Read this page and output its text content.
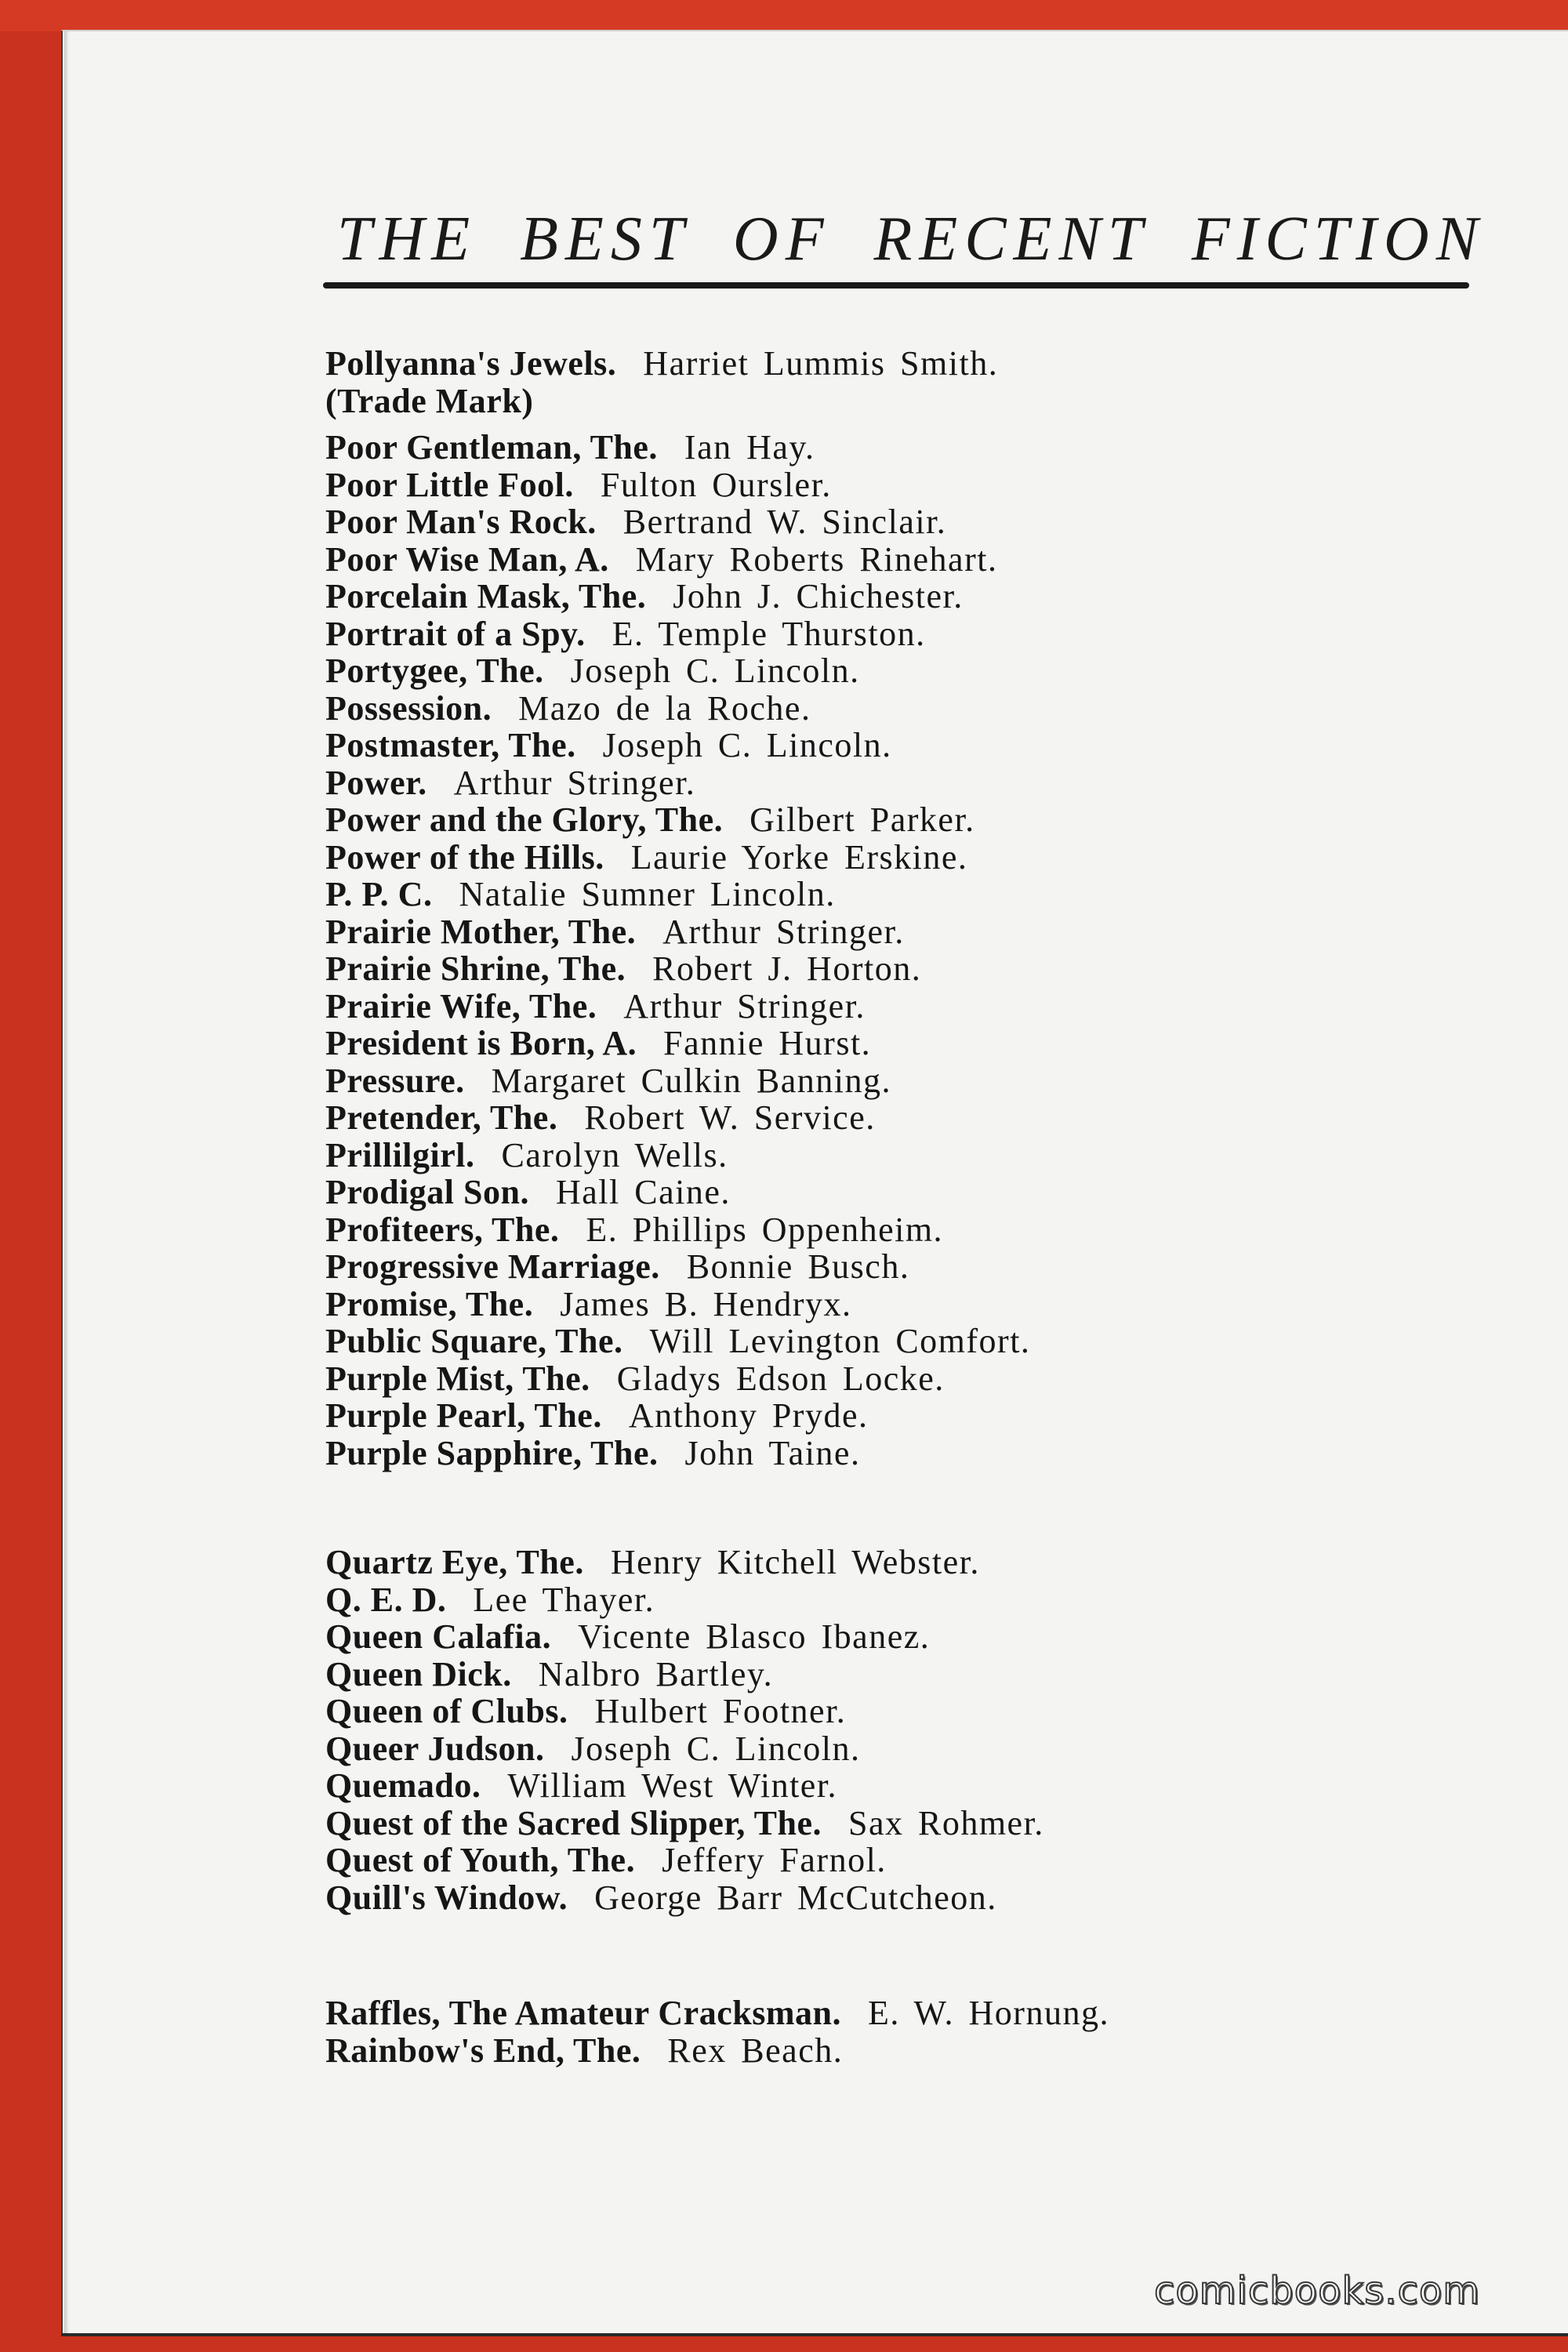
THE BEST OF RECENT FICTION
Pollyanna's Jewels. Harriet Lummis Smith.
(Trade Mark)
Poor Gentleman, The. Ian Hay.
Poor Little Fool. Fulton Oursler.
Poor Man's Rock. Bertrand W. Sinclair.
Poor Wise Man, A. Mary Roberts Rinehart.
Porcelain Mask, The. John J. Chichester.
Portrait of a Spy. E. Temple Thurston.
Portygee, The. Joseph C. Lincoln.
Possession. Mazo de la Roche.
Postmaster, The. Joseph C. Lincoln.
Power. Arthur Stringer.
Power and the Glory, The. Gilbert Parker.
Power of the Hills. Laurie Yorke Erskine.
P. P. C. Natalie Sumner Lincoln.
Prairie Mother, The. Arthur Stringer.
Prairie Shrine, The. Robert J. Horton.
Prairie Wife, The. Arthur Stringer.
President is Born, A. Fannie Hurst.
Pressure. Margaret Culkin Banning.
Pretender, The. Robert W. Service.
Prillilgirl. Carolyn Wells.
Prodigal Son. Hall Caine.
Profiteers, The. E. Phillips Oppenheim.
Progressive Marriage. Bonnie Busch.
Promise, The. James B. Hendryx.
Public Square, The. Will Levington Comfort.
Purple Mist, The. Gladys Edson Locke.
Purple Pearl, The. Anthony Pryde.
Purple Sapphire, The. John Taine.
Quartz Eye, The. Henry Kitchell Webster.
Q. E. D. Lee Thayer.
Queen Calafia. Vicente Blasco Ibanez.
Queen Dick. Nalbro Bartley.
Queen of Clubs. Hulbert Footner.
Queer Judson. Joseph C. Lincoln.
Quemado. William West Winter.
Quest of the Sacred Slipper, The. Sax Rohmer.
Quest of Youth, The. Jeffery Farnol.
Quill's Window. George Barr McCutcheon.
Raffles, The Amateur Cracksman. E. W. Hornung.
Rainbow's End, The. Rex Beach.
comicbooks.com
